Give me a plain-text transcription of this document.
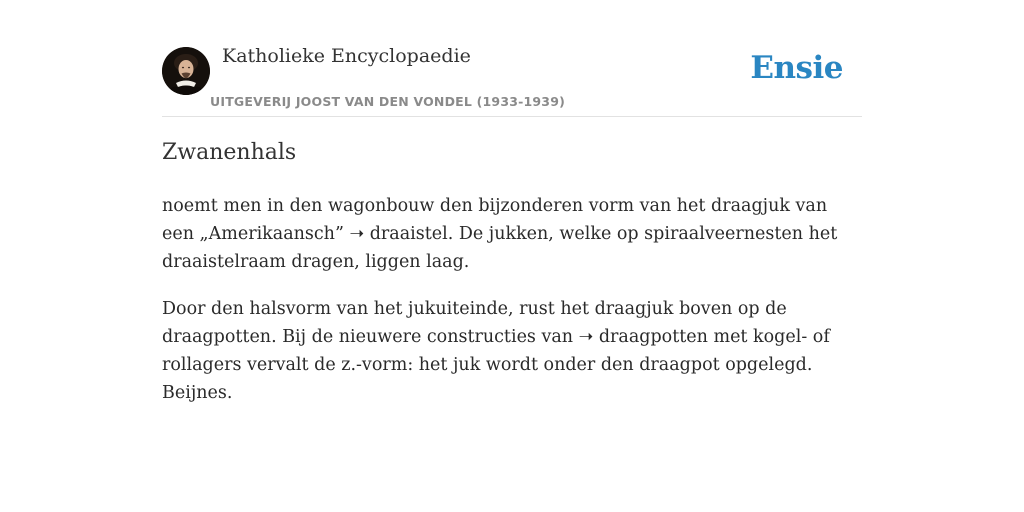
Katholieke Encyclopaedie
UITGEVERIJ JOOST VAN DEN VONDEL (1933-1939)
Ensie
Zwanenhals

noemt men in den wagonbouw den bijzonderen vorm van het draagjuk van een „Amerikaansch” ➝ draaistel. De jukken, welke op spiraalveernesten het draaistelraam dragen, liggen laag.

Door den halsvorm van het jukuiteinde, rust het draagjuk boven op de draagpotten. Bij de nieuwere constructies van ➝ draagpotten met kogel- of rollagers vervalt de z.-vorm: het juk wordt onder den draagpot opgelegd. Beijnes.
